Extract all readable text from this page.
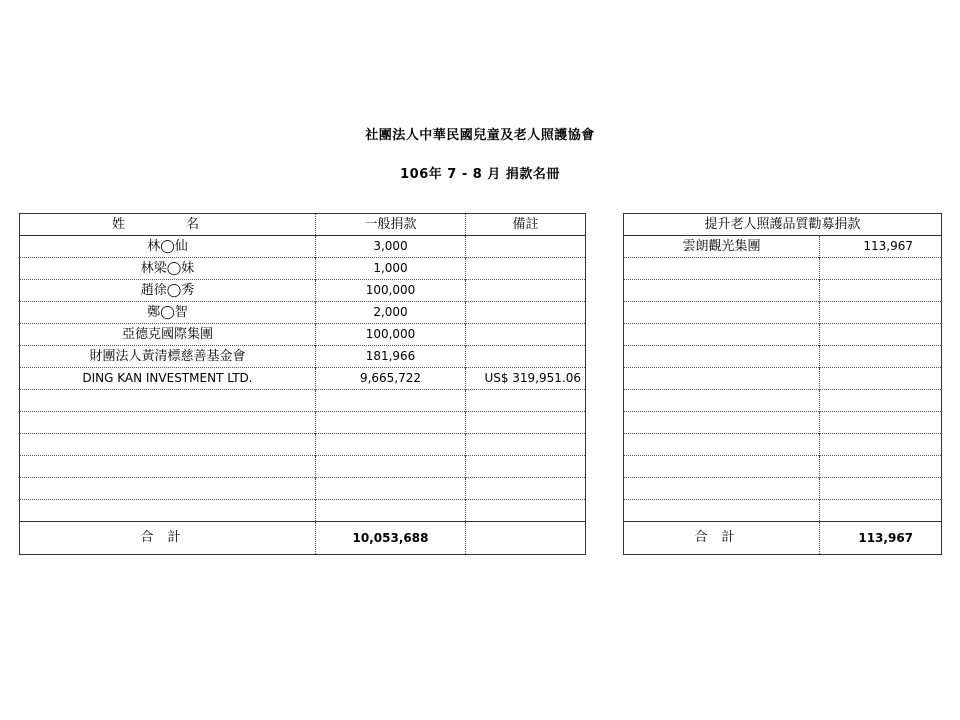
社團法人中華民國兒童及老人照護協會
106年 7 - 8 月 捐款名冊
姓　名	一般捐款	備註
林◯仙	3,000	
林梁◯妹	1,000	
趙徐◯秀	100,000	
鄭◯智	2,000	
亞德克國際集團	100,000	
財團法人黃清標慈善基金會	181,966	
DING KAN INVESTMENT LTD.	9,665,722	US$ 319,951.06

合計	10,053,688	
提升老人照護品質勸募捐款	
雲朗觀光集團	113,967

合計	113,967
